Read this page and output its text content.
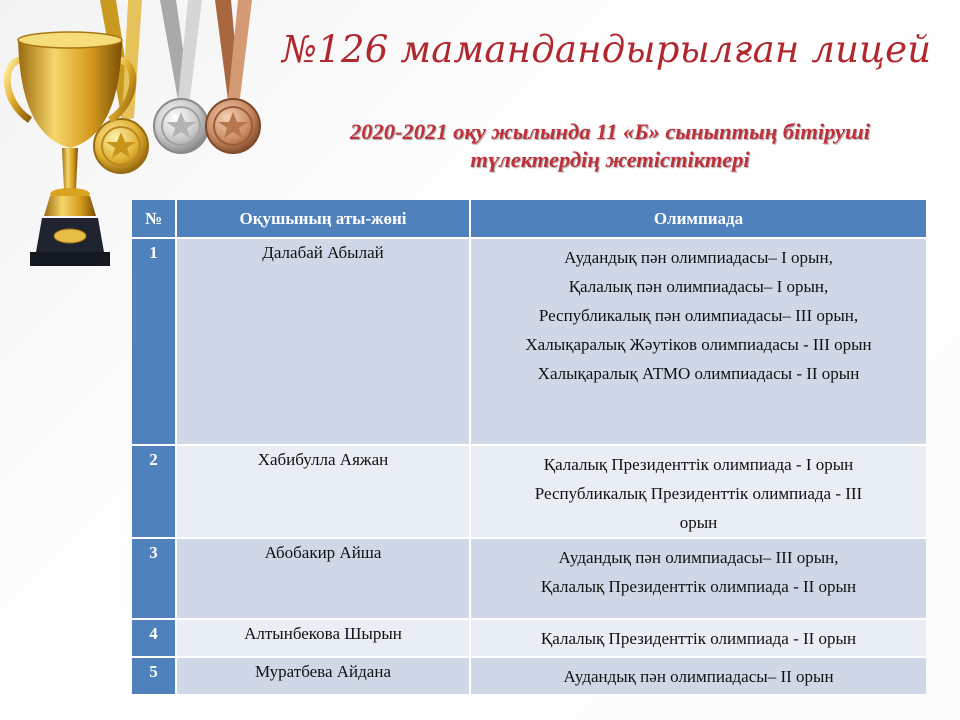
№126 мамандандырылған лицей
2020-2021 оқу жылында 11 «Б» сыныптың бітіруші
түлектердің жетістіктері
№	Оқушының аты-жөні	Олимпиада
1	Далабай Абылай	Аудандық пән олимпиадасы– I орын,
Қалалық пән олимпиадасы– I орын,
Республикалық пән олимпиадасы– III орын,
Халықаралық Жәутіков олимпиадасы - III орын
Халықаралық АТМО олимпиадасы - II орын

2	Хабибулла Аяжан	Қалалық Президенттік олимпиада - I орын
Республикалық Президенттік олимпиада - III
орын

3	Абобакир Айша	Аудандық пән олимпиадасы– III орын,
Қалалық Президенттік олимпиада - II орын

4	Алтынбекова Шырын	Қалалық Президенттік олимпиада - II орын

5	Муратбева Айдана	Аудандық пән олимпиадасы– II орын
